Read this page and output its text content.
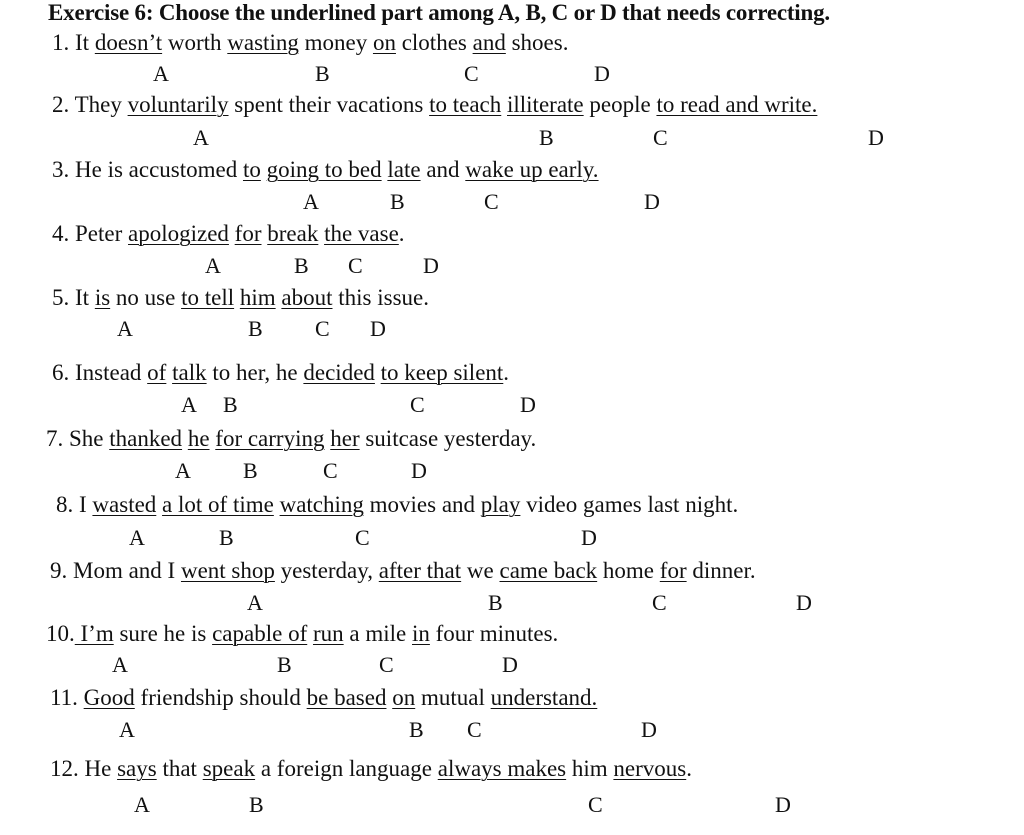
Exercise 6: Choose the underlined part among A, B, C or D that needs correcting.
1. It doesn’t worth wasting money on clothes and shoes.
A	B	C	D
2. They voluntarily spent their vacations to teach illiterate people to read and write.
A	B	C	D
3. He is accustomed to going to bed late and wake up early.
A	B	C	D
4. Peter apologized for break the vase.
A	B C	D
5. It is no use to tell him about this issue.
A	B C D
6. Instead of talk to her, he decided to keep silent.
A B	C	D
7. She thanked he for carrying her suitcase yesterday.
A B	C	D
8. I wasted a lot of time watching movies and play video games last night.
A	B	C	D
9. Mom and I went shop yesterday, after that we came back home for dinner.
A	B	C	D
10. I’m sure he is capable of run a mile in four minutes.
A	B	C	D
11. Good friendship should be based on mutual understand.
A	B C	D
12. He says that speak a foreign language always makes him nervous.
A	B	C	D
